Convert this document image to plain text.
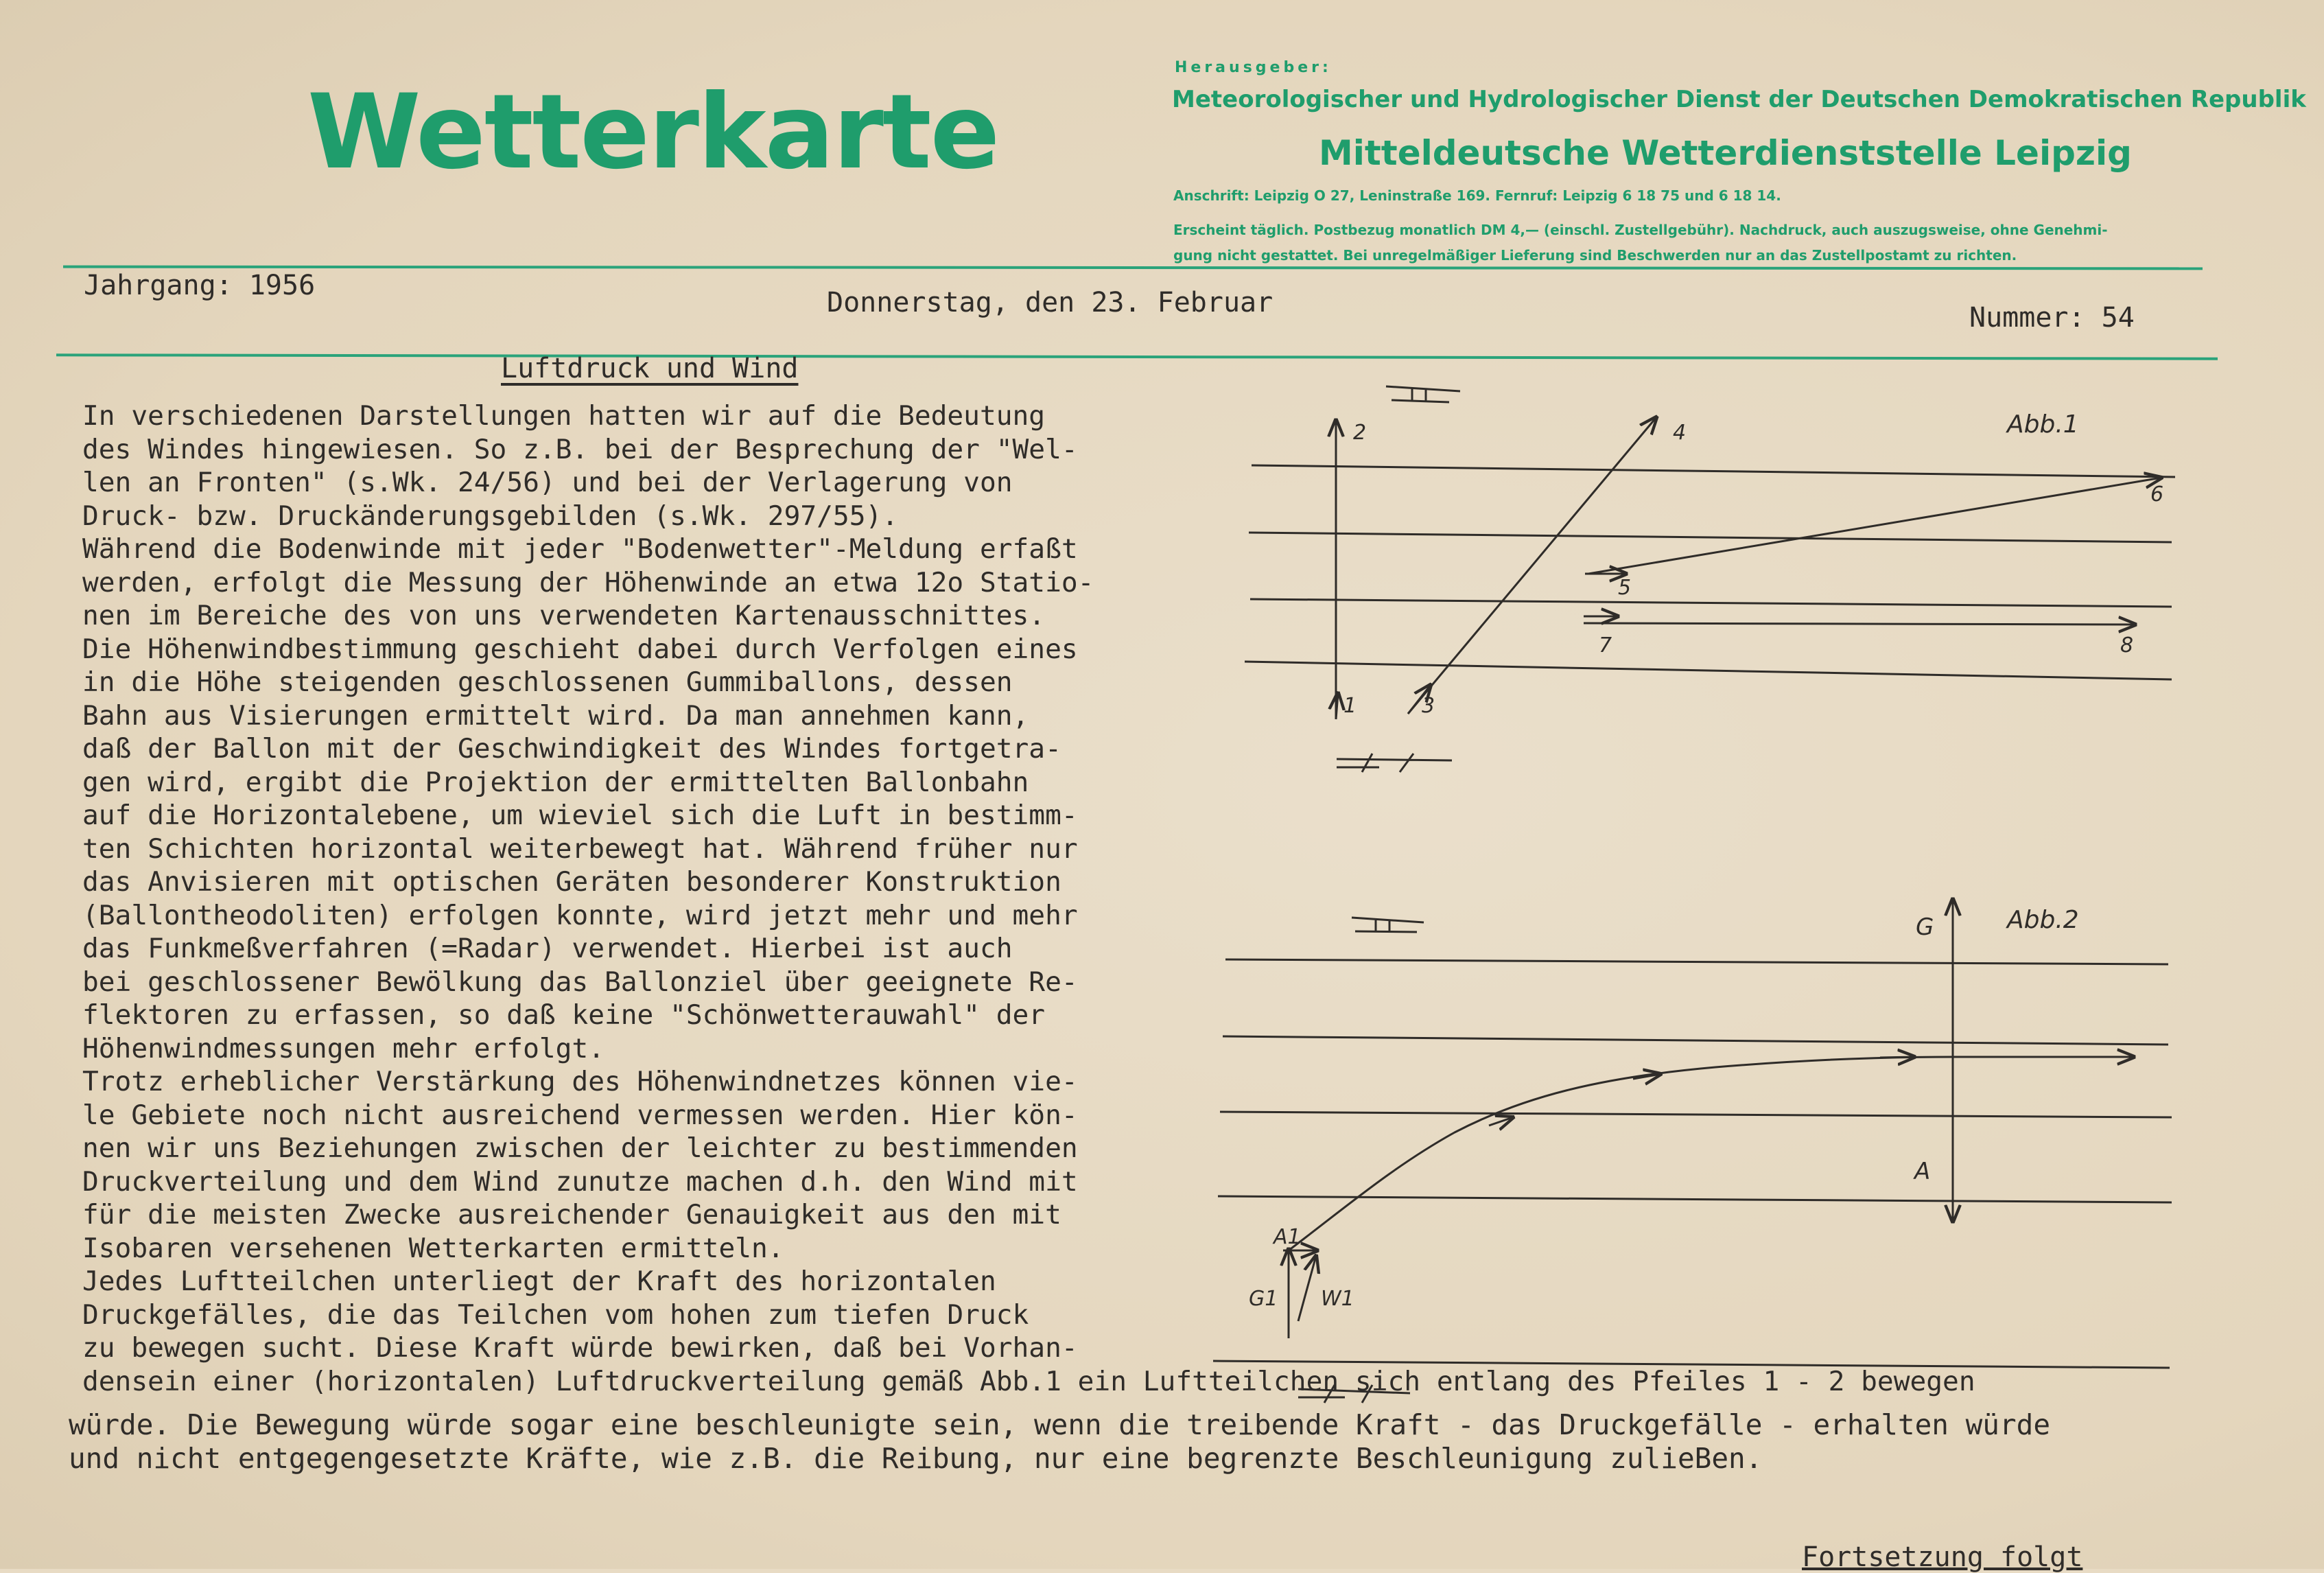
Wetterkarte
Herausgeber:
Meteorologischer und Hydrologischer Dienst der Deutschen Demokratischen Republik
Mitteldeutsche Wetterdienststelle Leipzig
Anschrift: Leipzig O 27, Leninstraße 169. Fernruf: Leipzig 6 18 75 und 6 18 14.
Erscheint täglich. Postbezug monatlich DM 4,— (einschl. Zustellgebühr). Nachdruck, auch auszugsweise, ohne Genehmi-
gung nicht gestattet. Bei unregelmäßiger Lieferung sind Beschwerden nur an das Zustellpostamt zu richten.
Jahrgang: 1956
Donnerstag, den 23. Februar	Nummer: 54
Luftdruck und Wind
In verschiedenen Darstellungen hatten wir auf die Bedeutung
des Windes hingewiesen. So z.B. bei der Besprechung der "Wel-
len an Fronten" (s.Wk. 24/56) und bei der Verlagerung von
Druck- bzw. Druckänderungsgebilden (s.Wk. 297/55).
Während die Bodenwinde mit jeder "Bodenwetter"-Meldung erfaßt
werden, erfolgt die Messung der Höhenwinde an etwa 12o Statio-
nen im Bereiche des von uns verwendeten Kartenausschnittes.
Die Höhenwindbestimmung geschieht dabei durch Verfolgen eines
in die Höhe steigenden geschlossenen Gummiballons, dessen
Bahn aus Visierungen ermittelt wird. Da man annehmen kann,
daß der Ballon mit der Geschwindigkeit des Windes fortgetra-
gen wird, ergibt die Projektion der ermittelten Ballonbahn
auf die Horizontalebene, um wieviel sich die Luft in bestimm-
ten Schichten horizontal weiterbewegt hat. Während früher nur
das Anvisieren mit optischen Geräten besonderer Konstruktion
(Ballontheodoliten) erfolgen konnte, wird jetzt mehr und mehr
das Funkmeßverfahren (=Radar) verwendet. Hierbei ist auch
bei geschlossener Bewölkung das Ballonziel über geeignete Re-
flektoren zu erfassen, so daß keine "Schönwetterauwahl" der
Höhenwindmessungen mehr erfolgt.
Trotz erheblicher Verstärkung des Höhenwindnetzes können vie-
le Gebiete noch nicht ausreichend vermessen werden. Hier kön-
nen wir uns Beziehungen zwischen der leichter zu bestimmenden
Druckverteilung und dem Wind zunutze machen d.h. den Wind mit
für die meisten Zwecke ausreichender Genauigkeit aus den mit
Isobaren versehenen Wetterkarten ermitteln.
Jedes Luftteilchen unterliegt der Kraft des horizontalen
Druckgefälles, die das Teilchen vom hohen zum tiefen Druck
zu bewegen sucht. Diese Kraft würde bewirken, daß bei Vorhan-
densein einer (horizontalen) Luftdruckverteilung gemäß Abb.1 ein Luftteilchen sich entlang des Pfeiles 1 - 2 bewegen
würde. Die Bewegung würde sogar eine beschleunigte sein, wenn die treibende Kraft - das Druckgefälle - erhalten würde
und nicht entgegengesetzte Kräfte, wie z.B. die Reibung, nur eine begrenzte Beschleunigung zulieBen.
Fortsetzung folgt
Abb.1
2	4
6
5
7	8
1	3
Abb.2
G
A
A1
G1 W1
